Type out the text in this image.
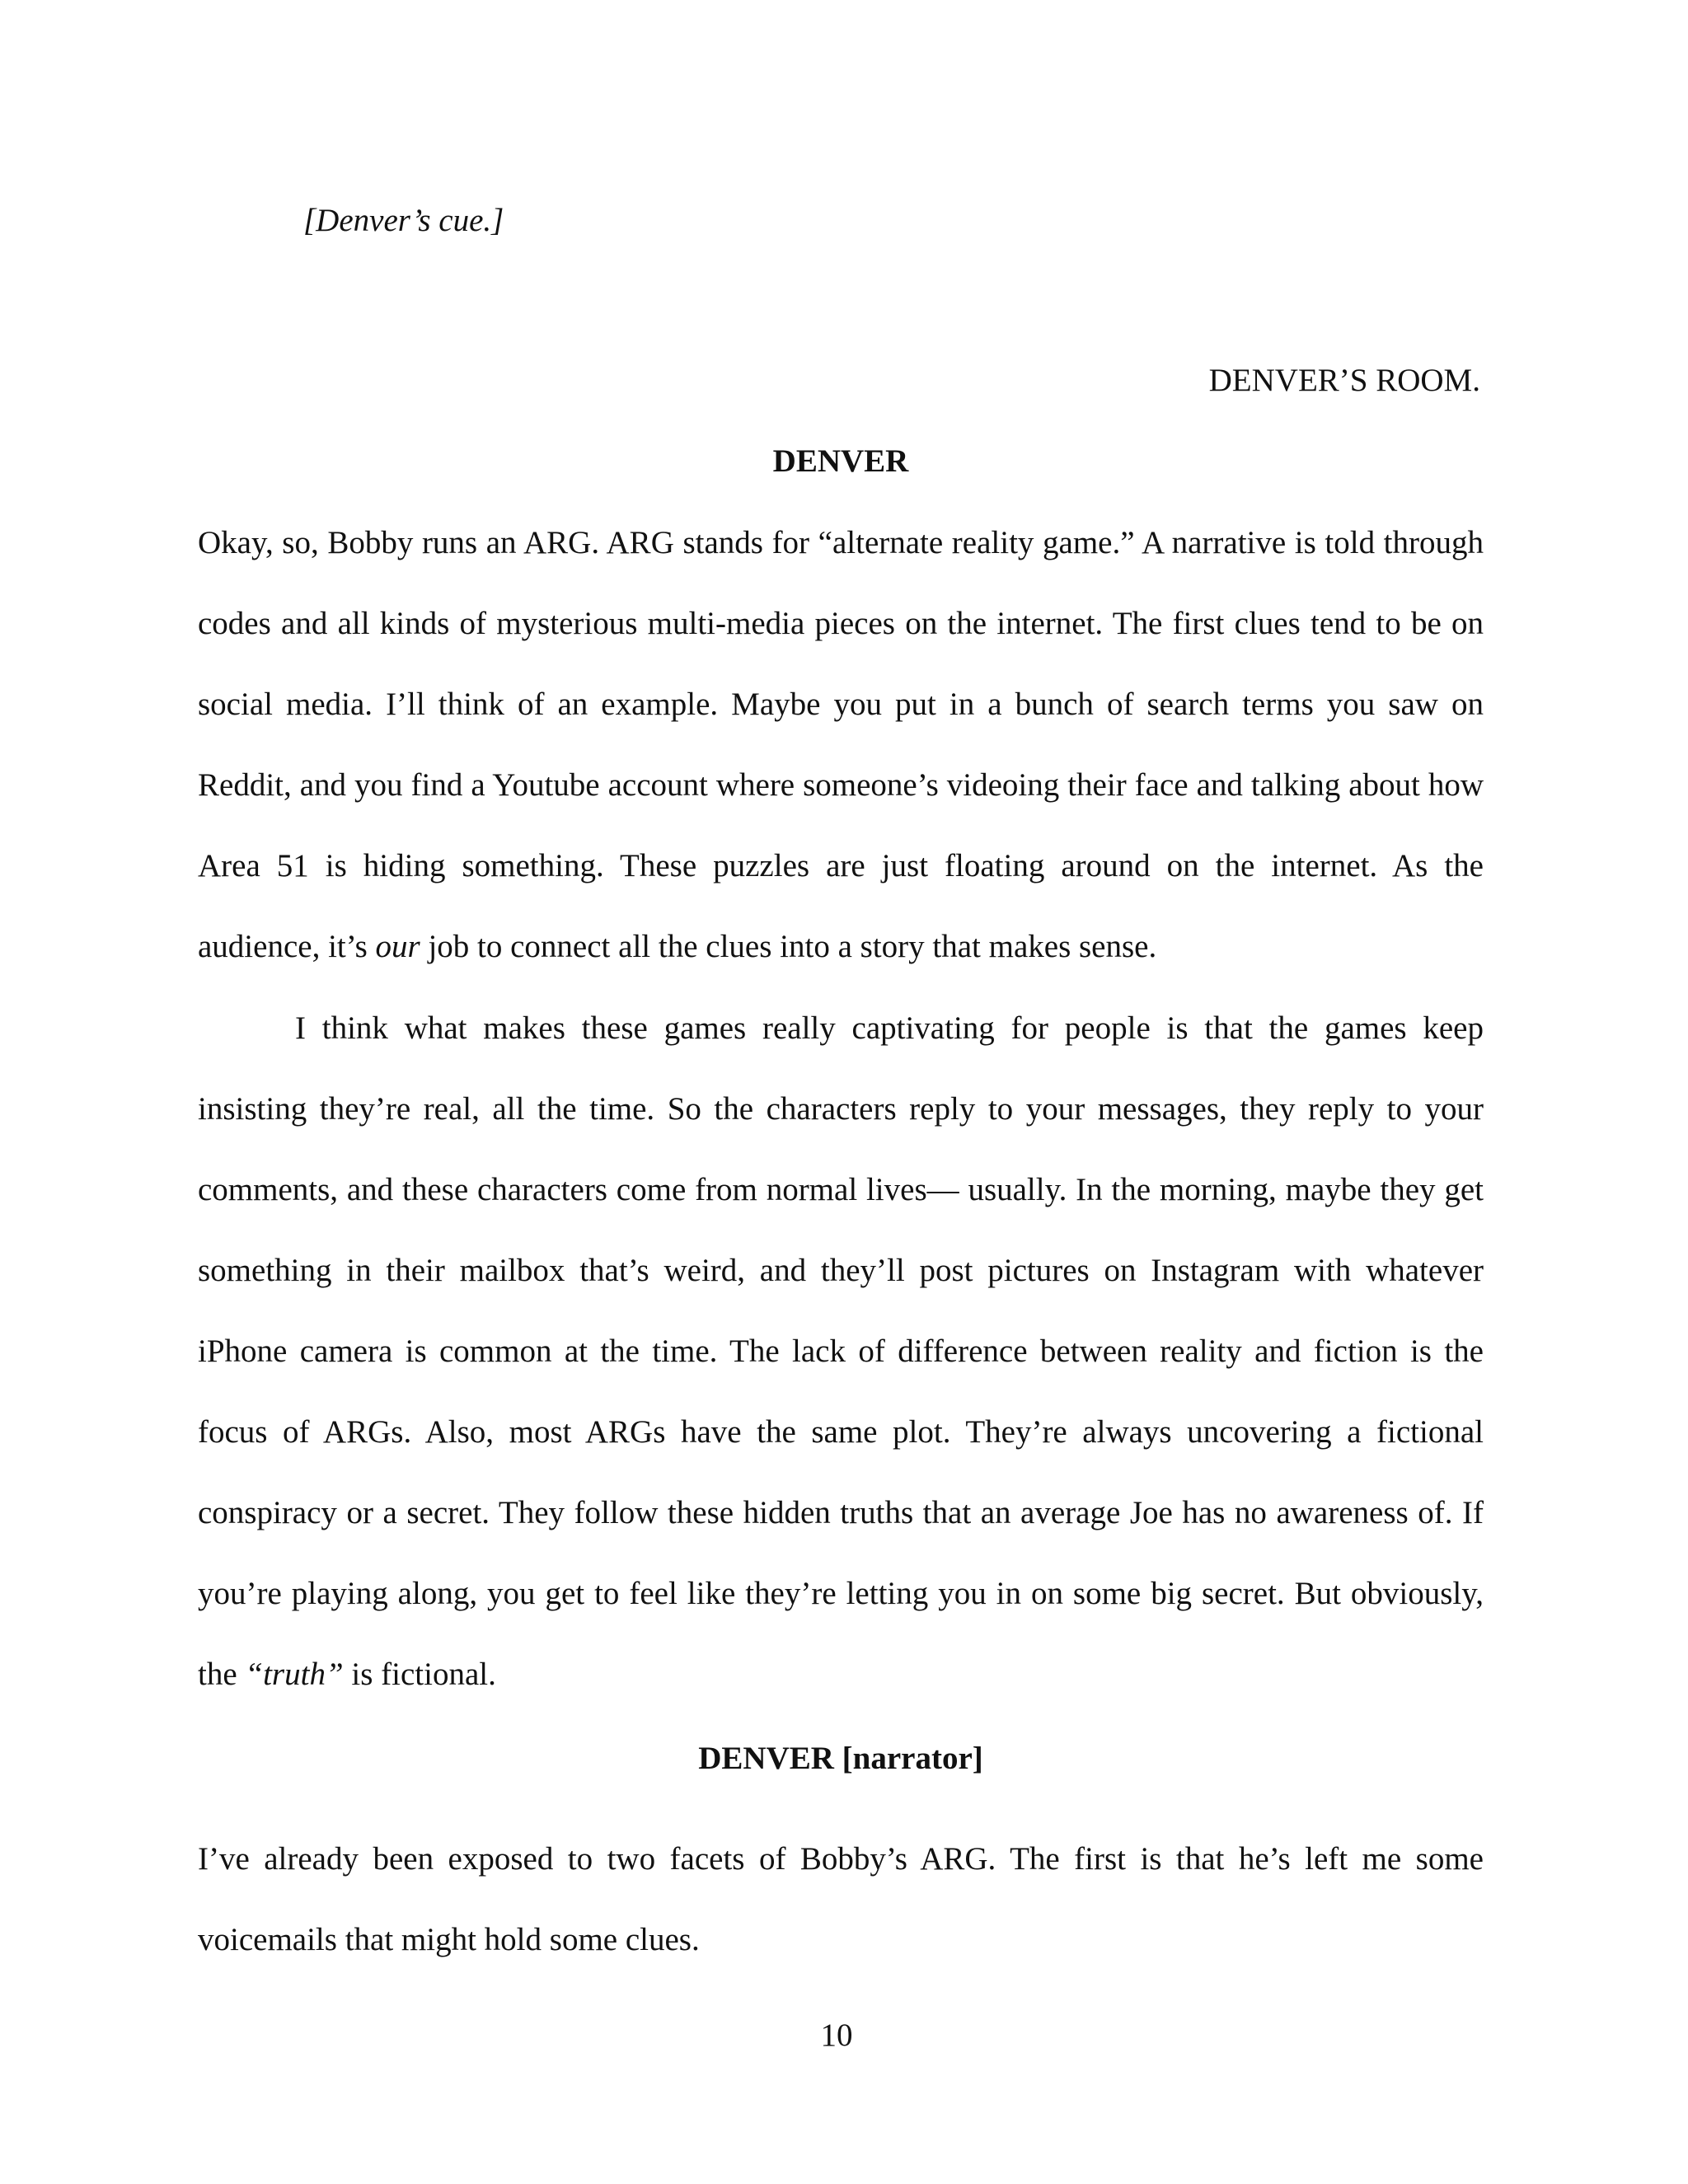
[Denver’s cue.]

DENVER’S ROOM.

DENVER

Okay, so, Bobby runs an ARG. ARG stands for “alternate reality game.” A narrative is told through codes and all kinds of mysterious multi-media pieces on the internet. The first clues tend to be on social media. I’ll think of an example. Maybe you put in a bunch of search terms you saw on Reddit, and you find a Youtube account where someone’s videoing their face and talking about how Area 51 is hiding something. These puzzles are just floating around on the internet. As the audience, it’s our job to connect all the clues into a story that makes sense.

I think what makes these games really captivating for people is that the games keep insisting they’re real, all the time. So the characters reply to your messages, they reply to your comments, and these characters come from normal lives— usually. In the morning, maybe they get something in their mailbox that’s weird, and they’ll post pictures on Instagram with whatever iPhone camera is common at the time. The lack of difference between reality and fiction is the focus of ARGs. Also, most ARGs have the same plot. They’re always uncovering a fictional conspiracy or a secret. They follow these hidden truths that an average Joe has no awareness of. If you’re playing along, you get to feel like they’re letting you in on some big secret. But obviously, the “truth” is fictional.

DENVER [narrator]

I’ve already been exposed to two facets of Bobby’s ARG. The first is that he’s left me some voicemails that might hold some clues.

10
